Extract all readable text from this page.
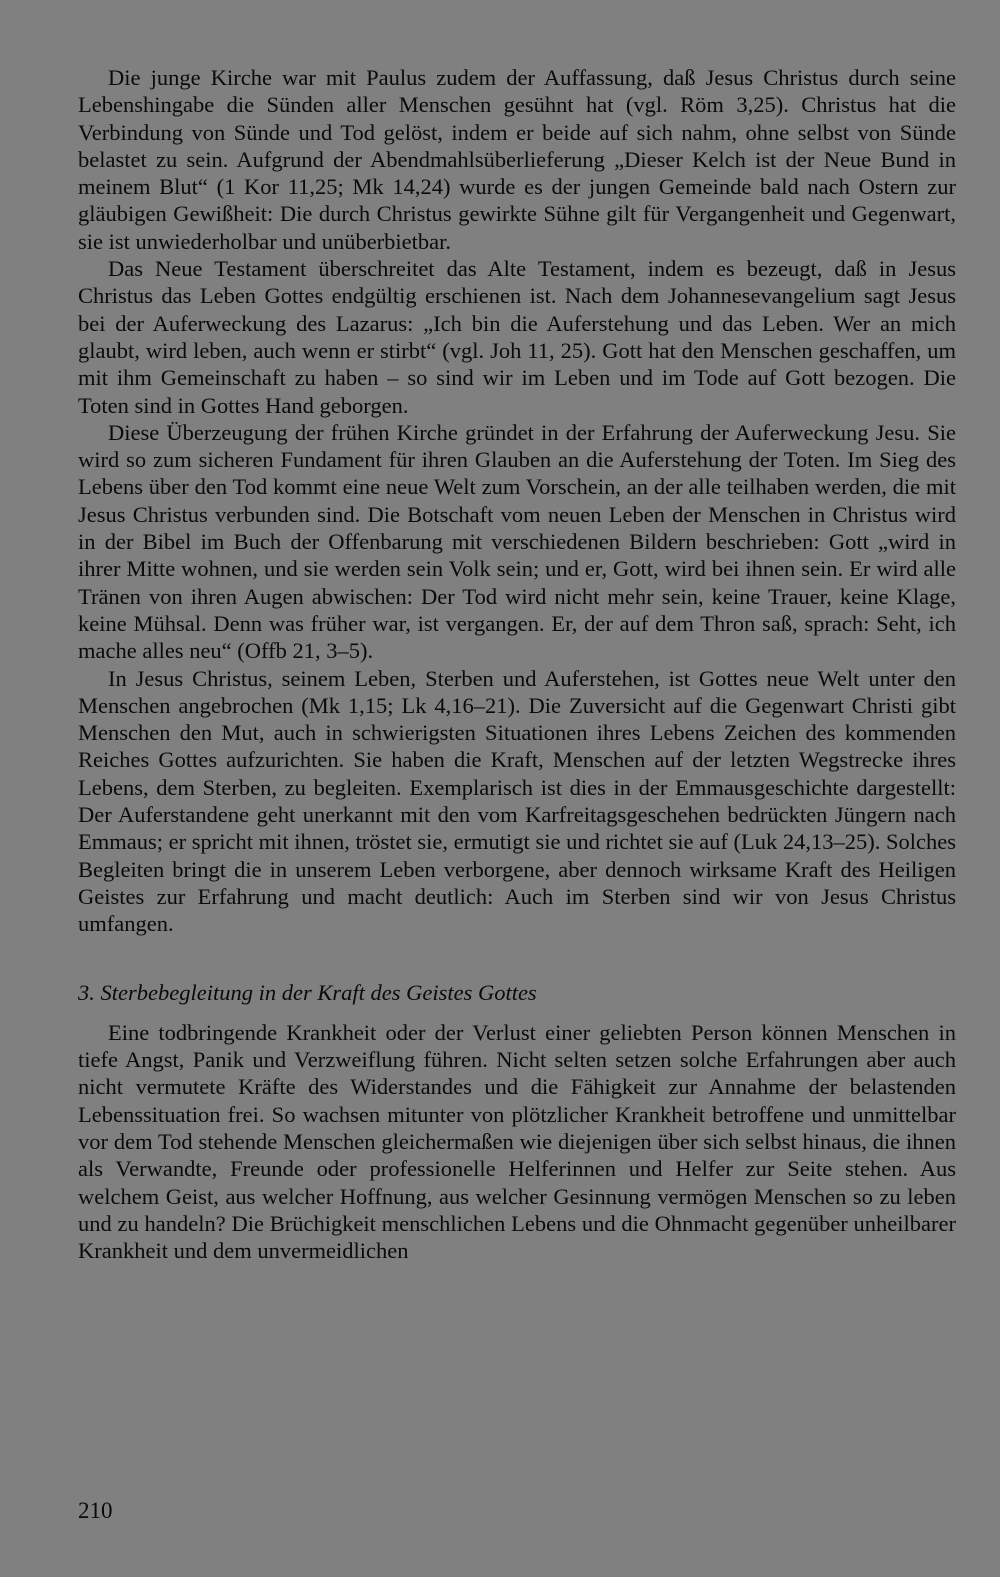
Die junge Kirche war mit Paulus zudem der Auffassung, daß Jesus Christus durch seine Lebenshingabe die Sünden aller Menschen gesühnt hat (vgl. Röm 3,25). Christus hat die Verbindung von Sünde und Tod gelöst, indem er beide auf sich nahm, ohne selbst von Sünde belastet zu sein. Aufgrund der Abendmahlsüberlieferung „Dieser Kelch ist der Neue Bund in meinem Blut“ (1 Kor 11,25; Mk 14,24) wurde es der jungen Gemeinde bald nach Ostern zur gläubigen Gewißheit: Die durch Christus gewirkte Sühne gilt für Vergangenheit und Gegenwart, sie ist unwiederholbar und unüberbietbar.

Das Neue Testament überschreitet das Alte Testament, indem es bezeugt, daß in Jesus Christus das Leben Gottes endgültig erschienen ist. Nach dem Johannesevangelium sagt Jesus bei der Auferweckung des Lazarus: „Ich bin die Auferstehung und das Leben. Wer an mich glaubt, wird leben, auch wenn er stirbt“ (vgl. Joh 11, 25). Gott hat den Menschen geschaffen, um mit ihm Gemeinschaft zu haben – so sind wir im Leben und im Tode auf Gott bezogen. Die Toten sind in Gottes Hand geborgen.

Diese Überzeugung der frühen Kirche gründet in der Erfahrung der Auferweckung Jesu. Sie wird so zum sicheren Fundament für ihren Glauben an die Auferstehung der Toten. Im Sieg des Lebens über den Tod kommt eine neue Welt zum Vorschein, an der alle teilhaben werden, die mit Jesus Christus verbunden sind. Die Botschaft vom neuen Leben der Menschen in Christus wird in der Bibel im Buch der Offenbarung mit verschiedenen Bildern beschrieben: Gott „wird in ihrer Mitte wohnen, und sie werden sein Volk sein; und er, Gott, wird bei ihnen sein. Er wird alle Tränen von ihren Augen abwischen: Der Tod wird nicht mehr sein, keine Trauer, keine Klage, keine Mühsal. Denn was früher war, ist vergangen. Er, der auf dem Thron saß, sprach: Seht, ich mache alles neu“ (Offb 21, 3–5).

In Jesus Christus, seinem Leben, Sterben und Auferstehen, ist Gottes neue Welt unter den Menschen angebrochen (Mk 1,15; Lk 4,16–21). Die Zuversicht auf die Gegenwart Christi gibt Menschen den Mut, auch in schwierigsten Situationen ihres Lebens Zeichen des kommenden Reiches Gottes aufzurichten. Sie haben die Kraft, Menschen auf der letzten Wegstrecke ihres Lebens, dem Sterben, zu begleiten. Exemplarisch ist dies in der Emmausgeschichte dargestellt: Der Auferstandene geht unerkannt mit den vom Karfreitagsgeschehen bedrückten Jüngern nach Emmaus; er spricht mit ihnen, tröstet sie, ermutigt sie und richtet sie auf (Luk 24,13–25). Solches Begleiten bringt die in unserem Leben verborgene, aber dennoch wirksame Kraft des Heiligen Geistes zur Erfahrung und macht deutlich: Auch im Sterben sind wir von Jesus Christus umfangen.

3. Sterbebegleitung in der Kraft des Geistes Gottes

Eine todbringende Krankheit oder der Verlust einer geliebten Person können Menschen in tiefe Angst, Panik und Verzweiflung führen. Nicht selten setzen solche Erfahrungen aber auch nicht vermutete Kräfte des Widerstandes und die Fähigkeit zur Annahme der belastenden Lebenssituation frei. So wachsen mitunter von plötzlicher Krankheit betroffene und unmittelbar vor dem Tod stehende Menschen gleichermaßen wie diejenigen über sich selbst hinaus, die ihnen als Verwandte, Freunde oder professionelle Helferinnen und Helfer zur Seite stehen. Aus welchem Geist, aus welcher Hoffnung, aus welcher Gesinnung vermögen Menschen so zu leben und zu handeln? Die Brüchigkeit menschlichen Lebens und die Ohnmacht gegenüber unheilbarer Krankheit und dem unvermeidlichen

210
